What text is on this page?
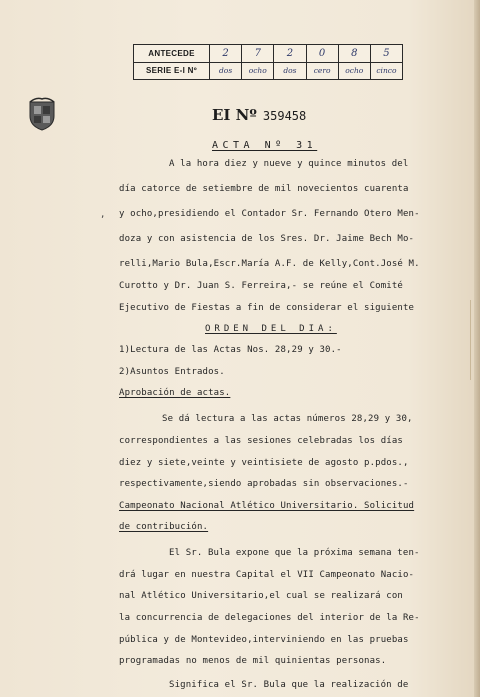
ANTECEDE	2	7	2	0	8	5
SERIE E-I Nº	dos	ocho	dos	cero	ocho	cinco
EI Nº 359458
ACTA Nº 31
,
A la hora diez y nueve y quince minutos del
día catorce de setiembre de mil novecientos cuarenta
y ocho,presidiendo el Contador Sr. Fernando Otero Men-
doza y con asistencia de los Sres. Dr. Jaime Bech Mo-
relli,Mario Bula,Escr.María A.F. de Kelly,Cont.José M.
Curotto y Dr. Juan S. Ferreira,- se reúne el Comité
Ejecutivo de Fiestas a fin de considerar el siguiente
ORDEN DEL DIA:
1)Lectura de las Actas Nos. 28,29 y 30.-
2)Asuntos Entrados.
Aprobación de actas.
Se dá lectura a las actas números 28,29 y 30,
correspondientes a las sesiones celebradas los días
diez y siete,veinte y veintisiete de agosto p.pdos.,
respectivamente,siendo aprobadas sin observaciones.-
Campeonato Nacional Atlético Universitario. Solicitud
de contribución.
El Sr. Bula expone que la próxima semana ten-
drá lugar en nuestra Capital el VII Campeonato Nacio-
nal Atlético Universitario,el cual se realizará con
la concurrencia de delegaciones del interior de la Re-
pública y de Montevideo,interviniendo en las pruebas
programadas no menos de mil quinientas personas.
Significa el Sr. Bula que la realización de
